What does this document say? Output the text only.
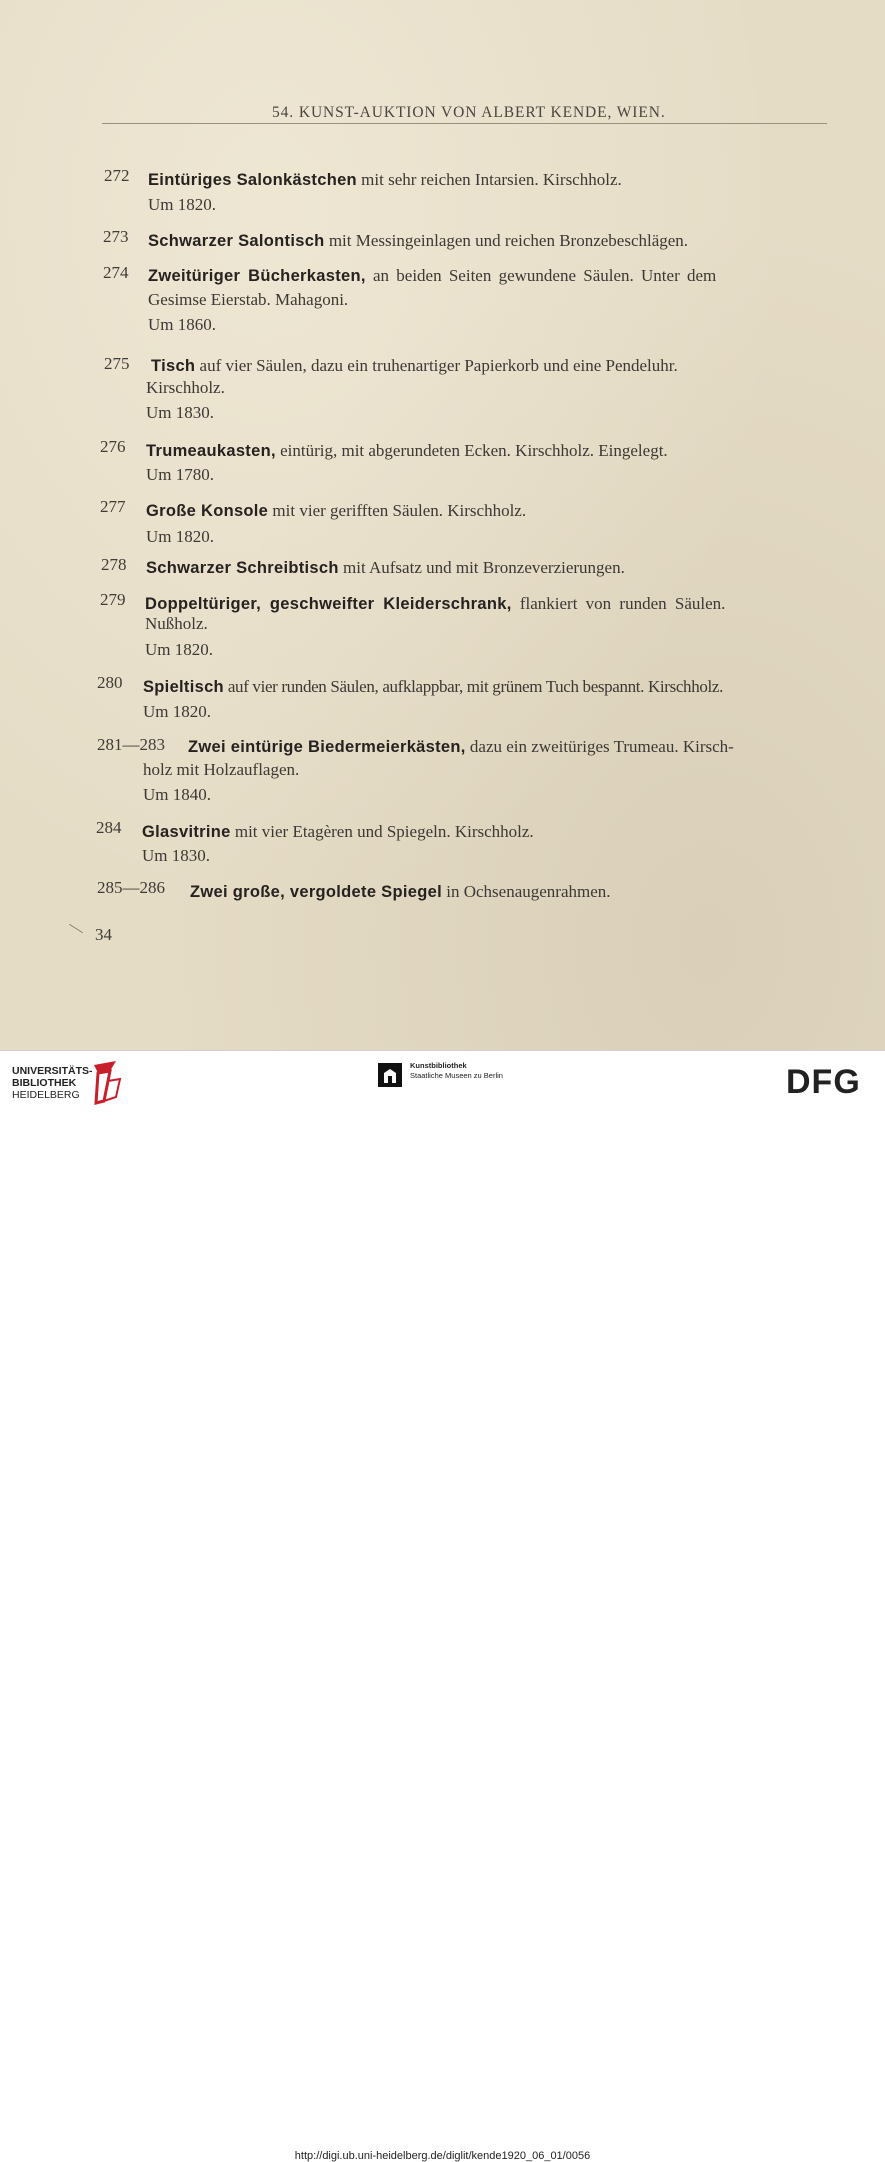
54. KUNST-AUKTION VON ALBERT KENDE, WIEN.
272 Eintüriges Salonkästchen mit sehr reichen Intarsien. Kirschholz.
Um 1820.
273 Schwarzer Salontisch mit Messingeinlagen und reichen Bronzebeschlägen.
274 Zweitüriger Bücherkasten, an beiden Seiten gewundene Säulen. Unter dem
Gesimse Eierstab. Mahagoni.
Um 1860.
275 Tisch auf vier Säulen, dazu ein truhenartiger Papierkorb und eine Pendeluhr.
Kirschholz.
Um 1830.
276 Trumeaukasten, eintürig, mit abgerundeten Ecken. Kirschholz. Eingelegt.
Um 1780.
277 Große Konsole mit vier gerifften Säulen. Kirschholz.
Um 1820.
278 Schwarzer Schreibtisch mit Aufsatz und mit Bronzeverzierungen.
279 Doppeltüriger, geschweifter Kleiderschrank, flankiert von runden Säulen.
Nußholz.
Um 1820.
280 Spieltisch auf vier runden Säulen, aufklappbar, mit grünem Tuch bespannt. Kirschholz.
Um 1820.
281—283 Zwei eintürige Biedermeierkästen, dazu ein zweitüriges Trumeau. Kirsch-
holz mit Holzauflagen.
Um 1840.
284 Glasvitrine mit vier Etagèren und Spiegeln. Kirschholz.
Um 1830.
285—286 Zwei große, vergoldete Spiegel in Ochsenaugenrahmen.
34
UNIVERSITÄTS-
BIBLIOTHEK
HEIDELBERG
Kunstbibliothek
Staatliche Museen zu Berlin	DFG
http://digi.ub.uni-heidelberg.de/diglit/kende1920_06_01/0056
